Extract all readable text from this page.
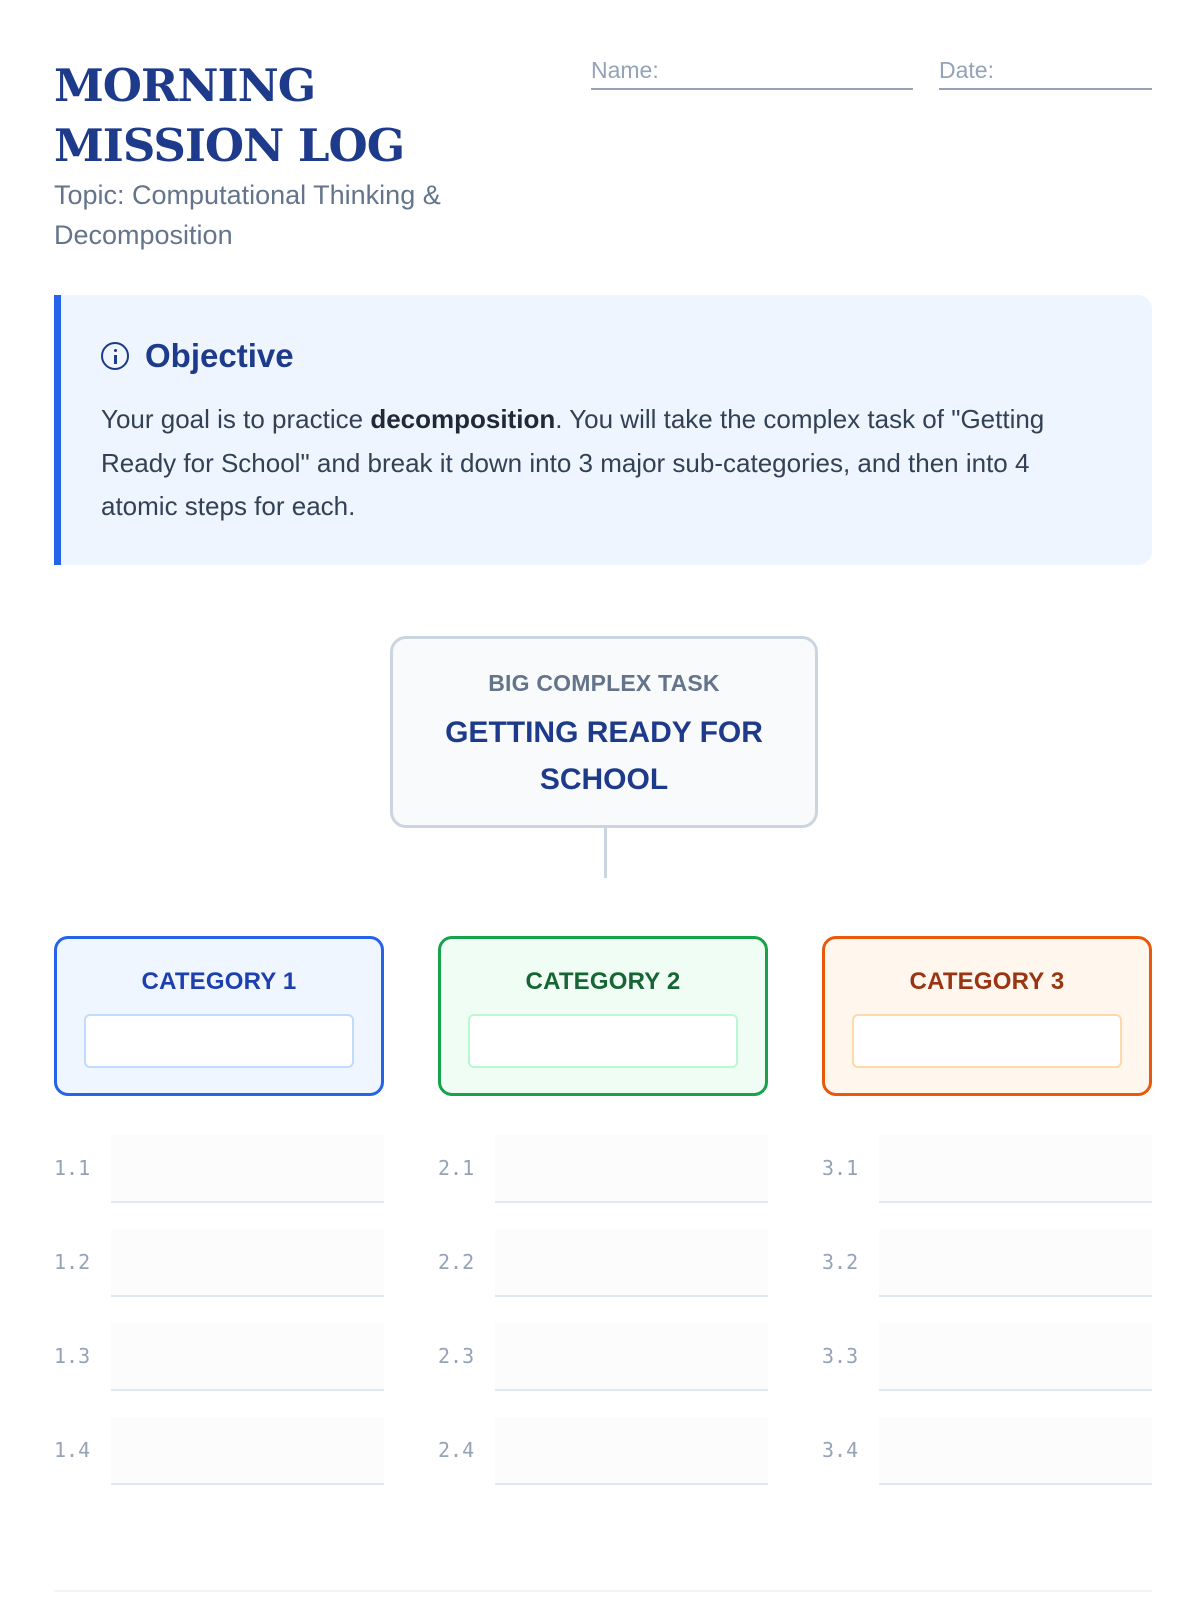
MORNING MISSION LOG
Topic: Computational Thinking & Decomposition
Name:	Date:
Objective
Your goal is to practice decomposition. You will take the complex task of "Getting Ready for School" and break it down into 3 major sub-categories, and then into 4 atomic steps for each.
BIG COMPLEX TASK
GETTING READY FOR SCHOOL
CATEGORY 1	CATEGORY 2	CATEGORY 3
1.1
1.2
1.3
1.4
2.1
2.2
2.3
2.4
3.1
3.2
3.3
3.4
